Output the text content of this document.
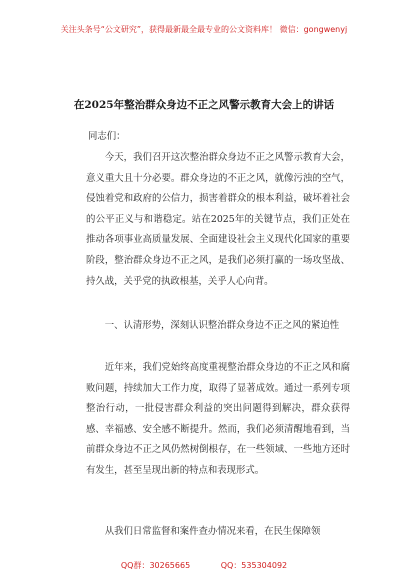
关注头条号“公文研究”，获得最新最全最专业的公文资料库！ 微信：gongwenyj
在2025年整治群众身边不正之风警示教育大会上的讲话
同志们：

今天，我们召开这次整治群众身边不正之风警示教育大会，意义重大且十分必要。群众身边的不正之风，就像污浊的空气，侵蚀着党和政府的公信力，损害着群众的根本利益，破坏着社会的公平正义与和谐稳定。站在2025年的关键节点，我们正处在推动各项事业高质量发展、全面建设社会主义现代化国家的重要阶段，整治群众身边不正之风，是我们必须打赢的一场攻坚战、持久战，关乎党的执政根基，关乎人心向背。

一、认清形势，深刻认识整治群众身边不正之风的紧迫性

近年来，我们党始终高度重视整治群众身边的不正之风和腐败问题，持续加大工作力度，取得了显著成效。通过一系列专项整治行动，一批侵害群众利益的突出问题得到解决，群众获得感、幸福感、安全感不断提升。然而，我们必须清醒地看到，当前群众身边不正之风仍然树倒根存，在一些领域、一些地方还时有发生，甚至呈现出新的特点和表现形式。

从我们日常监督和案件查办情况来看，在民生保障领

QQ群：30265665	QQ：535304092
